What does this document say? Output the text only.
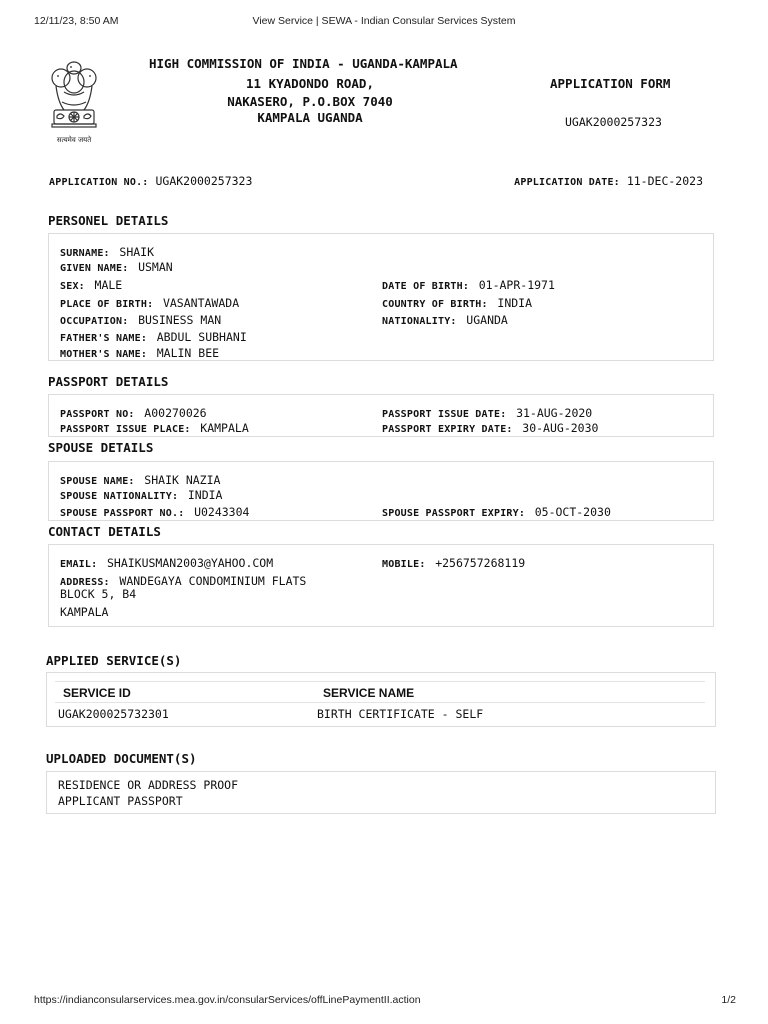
12/11/23, 8:50 AM	View Service | SEWA - Indian Consular Services System
सत्यमेव जयते
HIGH COMMISSION OF INDIA - UGANDA-KAMPALA
11 KYADONDO ROAD,
NAKASERO, P.O.BOX 7040
KAMPALA UGANDA
APPLICATION FORM
UGAK2000257323
APPLICATION NO.: UGAK2000257323	APPLICATION DATE: 11-DEC-2023
PERSONEL DETAILS
SURNAME: SHAIK
GIVEN NAME: USMAN
SEX: MALE	DATE OF BIRTH: 01-APR-1971
PLACE OF BIRTH: VASANTAWADA	COUNTRY OF BIRTH: INDIA
OCCUPATION: BUSINESS MAN	NATIONALITY: UGANDA
FATHER'S NAME: ABDUL SUBHANI
MOTHER'S NAME: MALIN BEE
PASSPORT DETAILS
PASSPORT NO: A00270026	PASSPORT ISSUE DATE: 31-AUG-2020
PASSPORT ISSUE PLACE: KAMPALA	PASSPORT EXPIRY DATE: 30-AUG-2030
SPOUSE DETAILS
SPOUSE NAME: SHAIK NAZIA
SPOUSE NATIONALITY: INDIA
SPOUSE PASSPORT NO.: U0243304	SPOUSE PASSPORT EXPIRY: 05-OCT-2030
CONTACT DETAILS
EMAIL: SHAIKUSMAN2003@YAHOO.COM	MOBILE: +256757268119
ADDRESS: WANDEGAYA CONDOMINIUM FLATS
BLOCK 5, B4
KAMPALA
APPLIED SERVICE(S)
SERVICE ID	SERVICE NAME
UGAK200025732301	BIRTH CERTIFICATE - SELF
UPLOADED DOCUMENT(S)
RESIDENCE OR ADDRESS PROOF
APPLICANT PASSPORT
https://indianconsularservices.mea.gov.in/consularServices/offLinePaymentII.action	1/2
